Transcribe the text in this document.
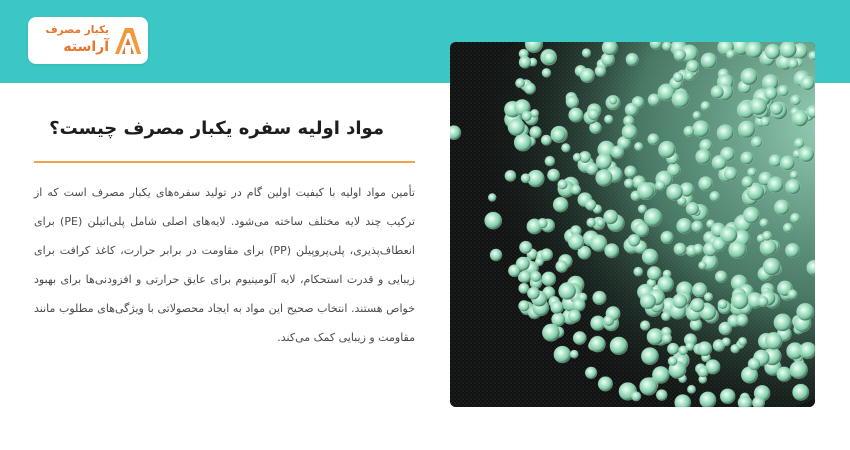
یکبار مصرف
آراسته
مواد اولیه سفره یکبار مصرف چیست؟

تأمین مواد اولیه با کیفیت اولین گام در تولید سفره‌های یکبار مصرف است که از ترکیب چند لایه مختلف ساخته می‌شود. لایه‌های اصلی شامل پلی‌اتیلن (PE) برای انعطاف‌پذیری، پلی‌پروپیلن (PP) برای مقاومت در برابر حرارت، کاغذ کرافت برای زیبایی و قدرت استحکام، لایه آلومینیوم برای عایق حرارتی و افزودنی‌ها برای بهبود خواص هستند. انتخاب صحیح این مواد به ایجاد محصولاتی با ویژگی‌های مطلوب مانند مقاومت و زیبایی کمک می‌کند.
